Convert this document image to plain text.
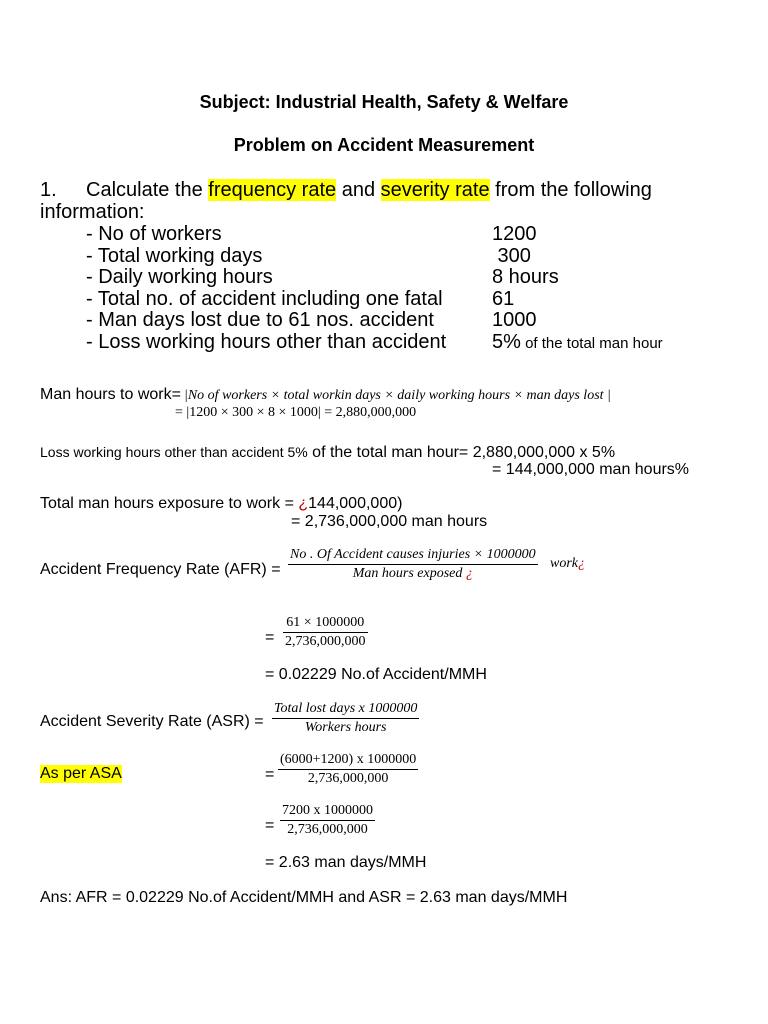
Subject: Industrial Health, Safety & Welfare
Problem on Accident Measurement
1. Calculate the frequency rate and severity rate from the following
information:
- No of workers	1200
- Total working days	300
- Daily working hours	8 hours
- Total no. of accident including one fatal 61
- Man days lost due to 61 nos. accident	1000
- Loss working hours other than accident 5% of the total man hour
Man hours to work= |No of workers × total workin days × daily working hours × man days lost |
= |1200 × 300 × 8 × 1000| = 2,880,000,000
Loss working hours other than accident 5% of the total man hour= 2,880,000,000 x 5%
= 144,000,000 man hours%
Total man hours exposure to work = ¿144,000,000)
= 2,736,000,000 man hours
Accident Frequency Rate (AFR) =
No . Of Accident causes injuries × 1000000
Man hours exposed ¿
work¿
= $\frac{61 \times 1000000}{2,736,000,000}$
= 0.02229 No.of Accident/MMH
Accident Severity Rate (ASR) =
Total lost days x 1000000
Workers hours
As per ASA	= $\frac{(6000+1200) x 1000000}{2,736,000,000}$
= $\frac{7200 x 1000000}{2,736,000,000}$
= 2.63 man days/MMH
Ans: AFR = 0.02229 No.of Accident/MMH and ASR = 2.63 man days/MMH
